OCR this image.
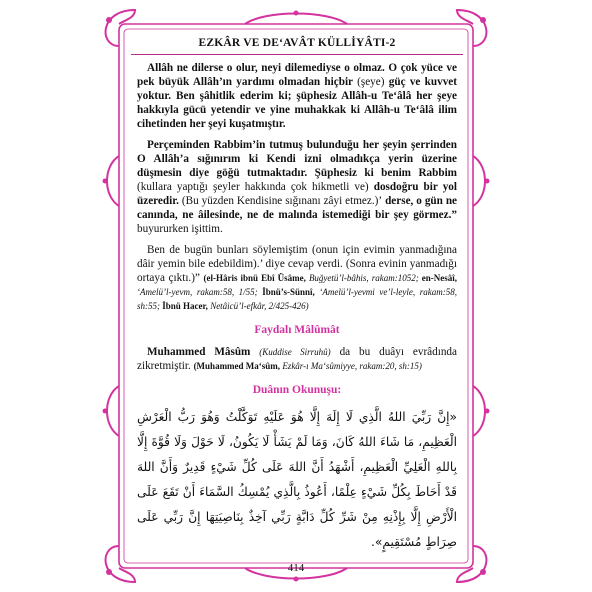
EZKÂR VE DE‘AVÂT KÜLLİYÂTI-2

Allâh ne dilerse o olur, neyi dilemediyse o olmaz. O çok yüce ve pek büyük Allâh’ın yardımı olmadan hiçbir (şeye) güç ve kuvvet yoktur. Ben şâhitlik ederim ki; şüphesiz Allâh-u Te‘âlâ her şeye hakkıyla gücü yetendir ve yine muhakkak ki Allâh-u Te‘âlâ ilim cihetinden her şeyi kuşatmıştır.

Perçeminden Rabbim’in tutmuş bulunduğu her şeyin şerrinden O Allâh’a sığınırım ki Kendi izni olmadıkça yerin üzerine düşmesin diye göğü tutmaktadır. Şüphesiz ki benim Rabbim (kullara yaptığı şeyler hakkında çok hikmetli ve) dosdoğru bir yol üzeredir. (Bu yüzden Kendisine sığınanı zâyi etmez.)’ derse, o gün ne canında, ne âilesinde, ne de malında istemediği bir şey görmez.” buyururken işittim.

Ben de bugün bunları söylemiştim (onun için evimin yanmadığına dâir yemin bile edebildim).’ diye cevap verdi. (Sonra evinin yanmadığı ortaya çıktı.)” (el-Hâris ibnü Ebî Üsâme, Buğyetü’l-bâhis, rakam:1052; en-Nesâî, ‘Amelü’l-yevm, rakam:58, 1/55; İbnü’s-Sünnî, ‘Amelü’l-yevmi ve’l-leyle, rakam:58, sh:55; İbnü Hacer, Netâicü’l-efkâr, 2/425-426)

Faydalı Mâlûmât

Muhammed Mâsûm (Kuddise Sirruhû) da bu duâyı evrâdında zikretmiştir. (Muhammed Ma‘sûm, Ezkâr-ı Ma‘sûmiyye, rakam:20, sh:15)

Duânın Okunuşu:

«إِنَّ رَبِّيَ اللهُ الَّذِي لَا إِلَهَ إِلَّا هُوَ عَلَيْهِ تَوَكَّلْتُ وَهُوَ رَبُّ الْعَرْشِ الْعَظِيمِ، مَا شَاءَ اللهُ كَانَ، وَمَا لَمْ يَشَأْ لَا يَكُونُ، لَا حَوْلَ وَلَا قُوَّةَ إِلَّا بِاللهِ الْعَلِيِّ الْعَظِيمِ، أَشْهَدُ أَنَّ اللهَ عَلَى كُلِّ شَيْءٍ قَدِيرٌ وَأَنَّ اللهَ قَدْ أَحَاطَ بِكُلِّ شَيْءٍ عِلْمًا، أَعُوذُ بِالَّذِي يُمْسِكُ السَّمَاءَ أَنْ تَقَعَ عَلَى الْأَرْضِ إِلَّا بِإِذْنِهِ مِنْ شَرِّ كُلِّ دَابَّةٍ رَبِّي آخِذٌ بِنَاصِيَتِهَا إِنَّ رَبِّي عَلَى صِرَاطٍ مُسْتَقِيمٍ».

414
